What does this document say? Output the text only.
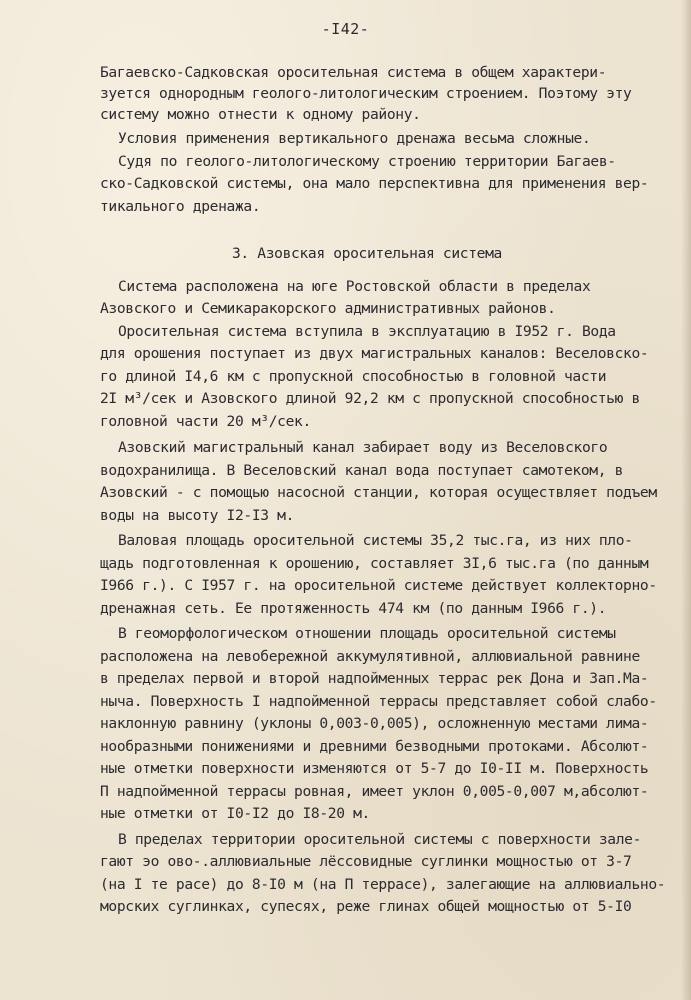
-I42-
Багаевско-Садковская оросительная система в общем характери-
зуется однородным геолого-литологическим строением. Поэтому эту
систему можно отнести к одному району.
Условия применения вертикального дренажа весьма сложные.
Судя по геолого-литологическому строению территории Багаев-
ско-Садковской системы, она мало перспективна для применения вер-
тикального дренажа.
3. Азовская оросительная система
Система расположена на юге Ростовской области в пределах
Азовского и Семикаракорского административных районов.
Оросительная система вступила в эксплуатацию в I952 г. Вода
для орошения поступает из двух магистральных каналов: Веселовско-
го длиной I4,6 км с пропускной способностью в головной части
2I м³/сек и Азовского длиной 92,2 км с пропускной способностью в
головной части 20 м³/сек.
Азовский магистральный канал забирает воду из Веселовского
водохранилища. В Веселовский канал вода поступает самотеком, в
Азовский - с помощью насосной станции, которая осуществляет подъем
воды на высоту I2-I3 м.
Валовая площадь оросительной системы 35,2 тыс.га, из них пло-
щадь подготовленная к орошению, составляет 3I,6 тыс.га (по данным
I966 г.). С I957 г. на оросительной системе действует коллекторно-
дренажная сеть. Ее протяженность 474 км (по данным I966 г.).
В геоморфологическом отношении площадь оросительной системы
расположена на левобережной аккумулятивной, аллювиальной равнине
в пределах первой и второй надпойменных террас рек Дона и Зап.Ма-
нычa. Поверхность I надпойменной террасы представляет собой слабо-
наклонную равнину (уклоны 0,003-0,005), осложненную местами лима-
нообразными понижениями и древними безводными протоками. Абсолют-
ные отметки поверхности изменяются от 5-7 до I0-II м. Поверхность
П надпойменной террасы ровная, имеет уклон 0,005-0,007 м,абсолют-
ные отметки от I0-I2 до I8-20 м.
В пределах территории оросительной системы с поверхности зале-
гают эо ово-.аллювиальные лёссовидные суглинки мощностью от 3-7
(на I те расе) до 8-I0 м (на П террасе), залегающие на аллювиально-
морских суглинках, супесях, реже глинах общей мощностью от 5-I0
